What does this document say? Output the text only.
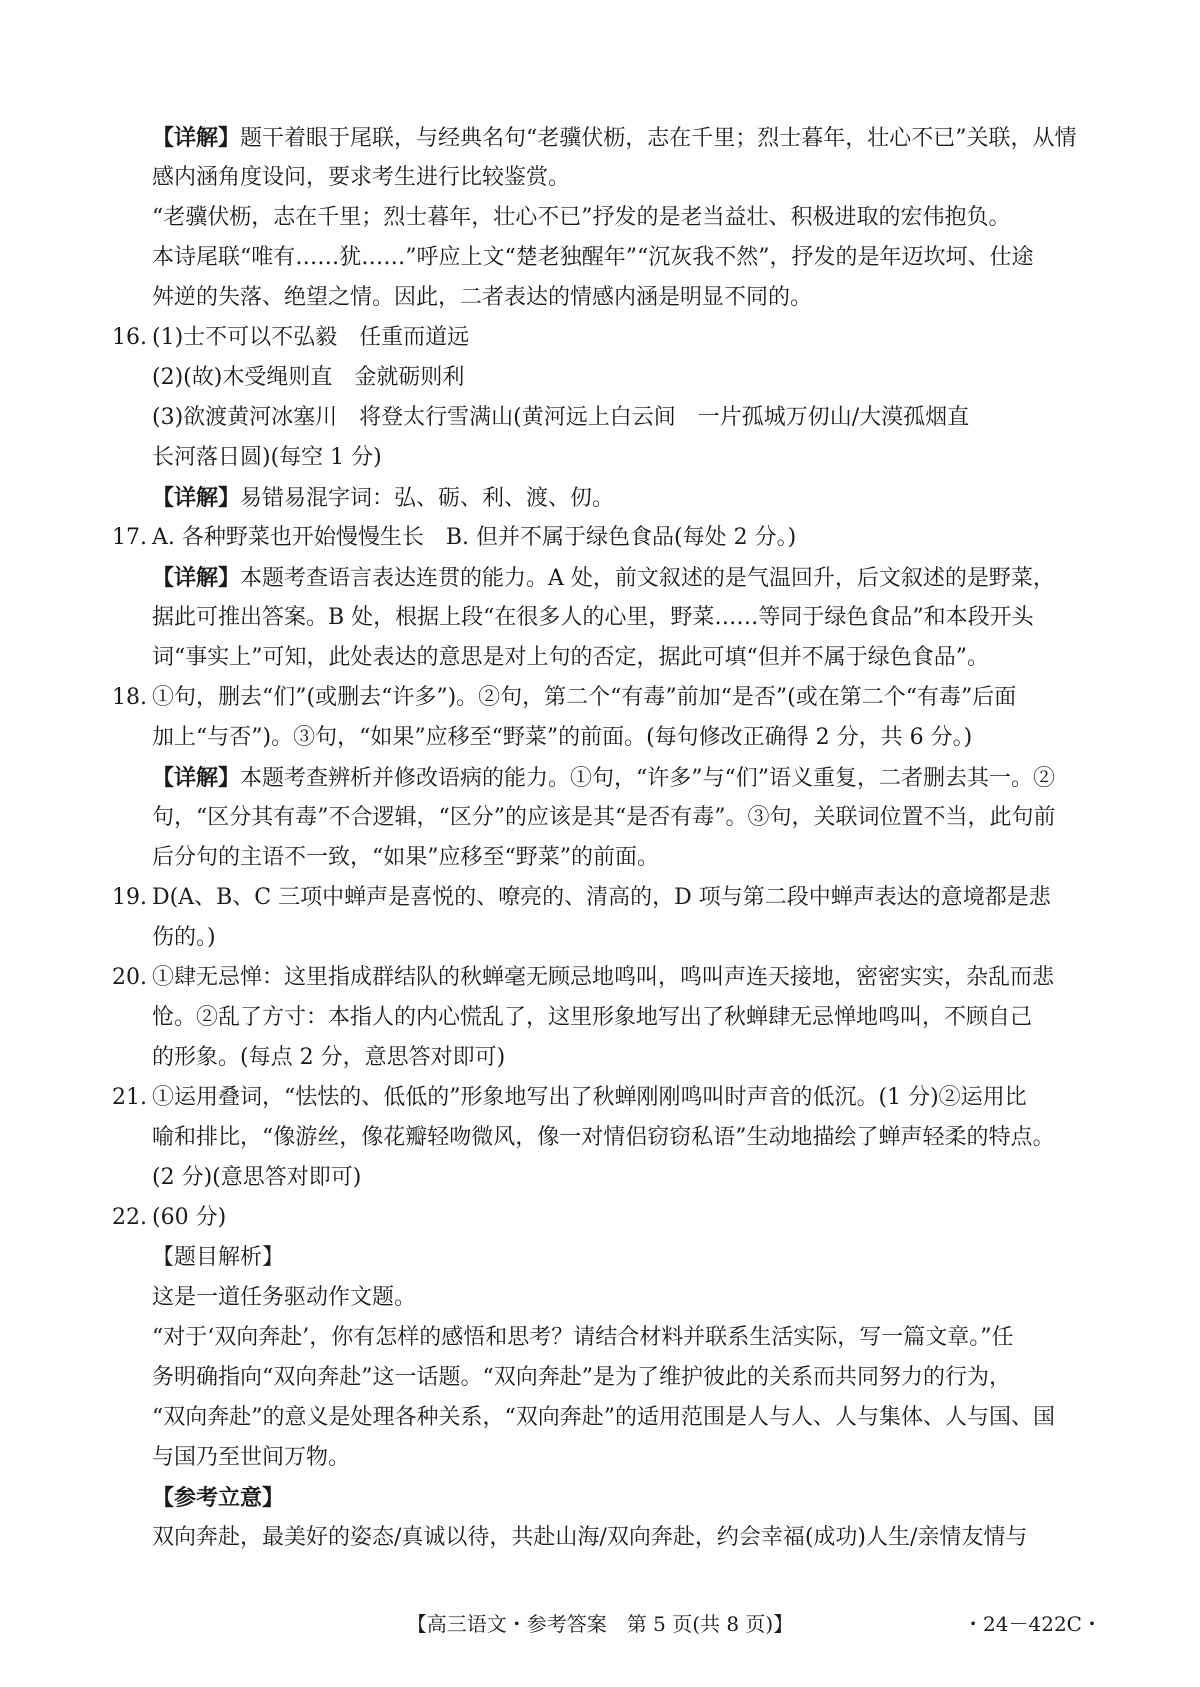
【详解】题干着眼于尾联，与经典名句“老骥伏枥，志在千里；烈士暮年，壮心不已”关联，从情
感内涵角度设问，要求考生进行比较鉴赏。
“老骥伏枥，志在千里；烈士暮年，壮心不已”抒发的是老当益壮、积极进取的宏伟抱负。
本诗尾联“唯有……犹……”呼应上文“楚老独醒年”“沉灰我不然”，抒发的是年迈坎坷、仕途
舛逆的失落、绝望之情。因此，二者表达的情感内涵是明显不同的。
16. (1)士不可以不弘毅　任重而道远
(2)(故)木受绳则直　金就砺则利
(3)欲渡黄河冰塞川　将登太行雪满山(黄河远上白云间　一片孤城万仞山/大漠孤烟直
长河落日圆)(每空 1 分)
【详解】易错易混字词：弘、砺、利、渡、仞。
17. A. 各种野菜也开始慢慢生长　B. 但并不属于绿色食品(每处 2 分。)
【详解】本题考查语言表达连贯的能力。A 处，前文叙述的是气温回升，后文叙述的是野菜，
据此可推出答案。B 处，根据上段“在很多人的心里，野菜……等同于绿色食品”和本段开头
词“事实上”可知，此处表达的意思是对上句的否定，据此可填“但并不属于绿色食品”。
18. ①句，删去“们”(或删去“许多”)。②句，第二个“有毒”前加“是否”(或在第二个“有毒”后面
加上“与否”)。③句，“如果”应移至“野菜”的前面。(每句修改正确得 2 分，共 6 分。)
【详解】本题考查辨析并修改语病的能力。①句，“许多”与“们”语义重复，二者删去其一。②
句，“区分其有毒”不合逻辑，“区分”的应该是其“是否有毒”。③句，关联词位置不当，此句前
后分句的主语不一致，“如果”应移至“野菜”的前面。
19. D(A、B、C 三项中蝉声是喜悦的、嘹亮的、清高的，D 项与第二段中蝉声表达的意境都是悲
伤的。)
20. ①肆无忌惮：这里指成群结队的秋蝉毫无顾忌地鸣叫，鸣叫声连天接地，密密实实，杂乱而悲
怆。②乱了方寸：本指人的内心慌乱了，这里形象地写出了秋蝉肆无忌惮地鸣叫，不顾自己
的形象。(每点 2 分，意思答对即可)
21. ①运用叠词，“怯怯的、低低的”形象地写出了秋蝉刚刚鸣叫时声音的低沉。(1 分)②运用比
喻和排比，“像游丝，像花瓣轻吻微风，像一对情侣窃窃私语”生动地描绘了蝉声轻柔的特点。
(2 分)(意思答对即可)
22. (60 分)
【题目解析】
这是一道任务驱动作文题。
“对于‘双向奔赴’，你有怎样的感悟和思考？请结合材料并联系生活实际，写一篇文章。”任
务明确指向“双向奔赴”这一话题。“双向奔赴”是为了维护彼此的关系而共同努力的行为，
“双向奔赴”的意义是处理各种关系，“双向奔赴”的适用范围是人与人、人与集体、人与国、国
与国乃至世间万物。
【参考立意】
双向奔赴，最美好的姿态/真诚以待，共赴山海/双向奔赴，约会幸福(成功)人生/亲情友情与
【高三语文・参考答案　第 5 页(共 8 页)】	・24－422C・
